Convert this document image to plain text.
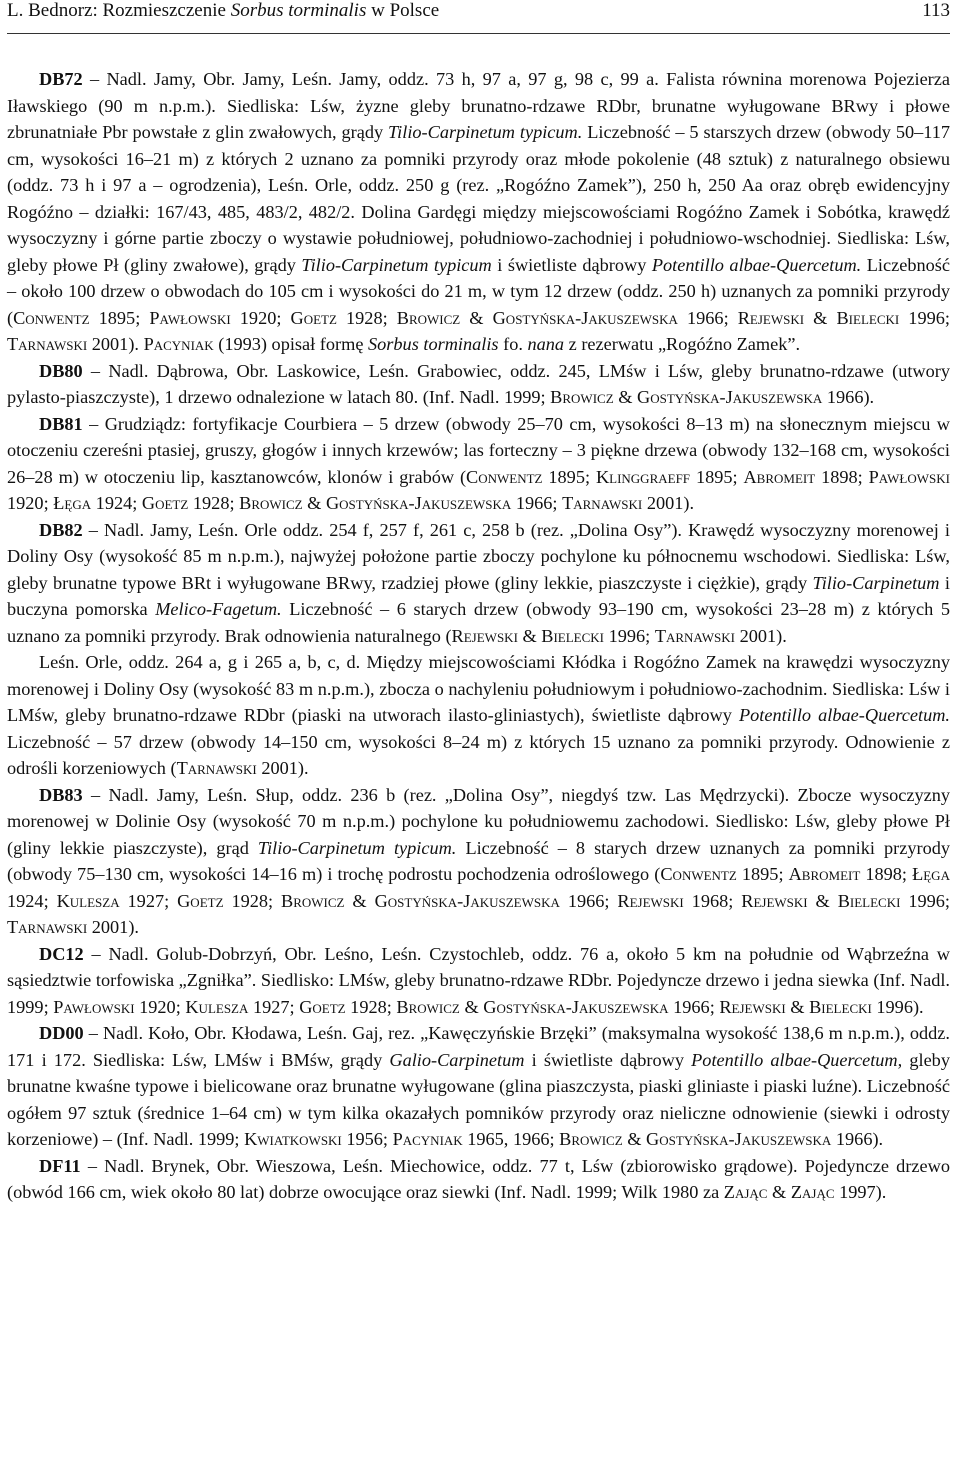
L. Bednorz: Rozmieszczenie Sorbus torminalis w Polsce	113

DB72 – Nadl. Jamy, Obr. Jamy, Leśn. Jamy, oddz. 73 h, 97 a, 97 g, 98 c, 99 a. Falista równina morenowa Pojezierza Iławskiego (90 m n.p.m.). Siedliska: Lśw, żyzne gleby brunatno-rdzawe RDbr, brunatne wyługowane BRwy i płowe zbrunatniałe Pbr powstałe z glin zwałowych, grądy Tilio-Carpinetum typicum. Liczebność – 5 starszych drzew (obwody 50–117 cm, wysokości 16–21 m) z których 2 uznano za pomniki przyrody oraz młode pokolenie (48 sztuk) z naturalnego obsiewu (oddz. 73 h i 97 a – ogrodzenia), Leśn. Orle, oddz. 250 g (rez. „Rogóźno Zamek”), 250 h, 250 Aa oraz obręb ewidencyjny Rogóźno – działki: 167/43, 485, 483/2, 482/2. Dolina Gardęgi między miejscowościami Rogóźno Zamek i Sobótka, krawędź wysoczyzny i górne partie zboczy o wystawie południowej, południowo-zachodniej i południowo-wschodniej. Siedliska: Lśw, gleby płowe Pł (gliny zwałowe), grądy Tilio-Carpinetum typicum i świetliste dąbrowy Potentillo albae-Quercetum. Liczebność – około 100 drzew o obwodach do 105 cm i wysokości do 21 m, w tym 12 drzew (oddz. 250 h) uznanych za pomniki przyrody (Conwentz 1895; Pawłowski 1920; Goetz 1928; Browicz & Gostyńska-Jakuszewska 1966; Rejewski & Bielecki 1996; Tarnawski 2001). Pacyniak (1993) opisał formę Sorbus torminalis fo. nana z rezerwatu „Rogóźno Zamek”.

DB80 – Nadl. Dąbrowa, Obr. Laskowice, Leśn. Grabowiec, oddz. 245, LMśw i Lśw, gleby brunatno-rdzawe (utwory pylasto-piaszczyste), 1 drzewo odnalezione w latach 80. (Inf. Nadl. 1999; Browicz & Gostyńska-Jakuszewska 1966).

DB81 – Grudziądz: fortyfikacje Courbiera – 5 drzew (obwody 25–70 cm, wysokości 8–13 m) na słonecznym miejscu w otoczeniu czereśni ptasiej, gruszy, głogów i innych krzewów; las forteczny – 3 piękne drzewa (obwody 132–168 cm, wysokości 26–28 m) w otoczeniu lip, kasztanowców, klonów i grabów (Conwentz 1895; Klinggraeff 1895; Abromeit 1898; Pawłowski 1920; Łęga 1924; Goetz 1928; Browicz & Gostyńska-Jakuszewska 1966; Tarnawski 2001).

DB82 – Nadl. Jamy, Leśn. Orle oddz. 254 f, 257 f, 261 c, 258 b (rez. „Dolina Osy”). Krawędź wysoczyzny morenowej i Doliny Osy (wysokość 85 m n.p.m.), najwyżej położone partie zboczy pochylone ku północnemu wschodowi. Siedliska: Lśw, gleby brunatne typowe BRt i wyługowane BRwy, rzadziej płowe (gliny lekkie, piaszczyste i ciężkie), grądy Tilio-Carpinetum i buczyna pomorska Melico-Fagetum. Liczebność – 6 starych drzew (obwody 93–190 cm, wysokości 23–28 m) z których 5 uznano za pomniki przyrody. Brak odnowienia naturalnego (Rejewski & Bielecki 1996; Tarnawski 2001).

Leśn. Orle, oddz. 264 a, g i 265 a, b, c, d. Między miejscowościami Kłódka i Rogóźno Zamek na krawędzi wysoczyzny morenowej i Doliny Osy (wysokość 83 m n.p.m.), zbocza o nachyleniu południowym i południowo-zachodnim. Siedliska: Lśw i LMśw, gleby brunatno-rdzawe RDbr (piaski na utworach ilasto-gliniastych), świetliste dąbrowy Potentillo albae-Quercetum. Liczebność – 57 drzew (obwody 14–150 cm, wysokości 8–24 m) z których 15 uznano za pomniki przyrody. Odnowienie z odrośli korzeniowych (Tarnawski 2001).

DB83 – Nadl. Jamy, Leśn. Słup, oddz. 236 b (rez. „Dolina Osy”, niegdyś tzw. Las Mędrzycki). Zbocze wysoczyzny morenowej w Dolinie Osy (wysokość 70 m n.p.m.) pochylone ku południowemu zachodowi. Siedlisko: Lśw, gleby płowe Pł (gliny lekkie piaszczyste), grąd Tilio-Carpinetum typicum. Liczebność – 8 starych drzew uznanych za pomniki przyrody (obwody 75–130 cm, wysokości 14–16 m) i trochę podrostu pochodzenia odroślowego (Conwentz 1895; Abromeit 1898; Łęga 1924; Kulesza 1927; Goetz 1928; Browicz & Gostyńska-Jakuszewska 1966; Rejewski 1968; Rejewski & Bielecki 1996; Tarnawski 2001).

DC12 – Nadl. Golub-Dobrzyń, Obr. Leśno, Leśn. Czystochleb, oddz. 76 a, około 5 km na południe od Wąbrzeźna w sąsiedztwie torfowiska „Zgniłka”. Siedlisko: LMśw, gleby brunatno-rdzawe RDbr. Pojedyncze drzewo i jedna siewka (Inf. Nadl. 1999; Pawłowski 1920; Kulesza 1927; Goetz 1928; Browicz & Gostyńska-Jakuszewska 1966; Rejewski & Bielecki 1996).

DD00 – Nadl. Koło, Obr. Kłodawa, Leśn. Gaj, rez. „Kawęczyńskie Brzęki” (maksymalna wysokość 138,6 m n.p.m.), oddz. 171 i 172. Siedliska: Lśw, LMśw i BMśw, grądy Galio-Carpinetum i świetliste dąbrowy Potentillo albae-Quercetum, gleby brunatne kwaśne typowe i bielicowane oraz brunatne wyługowane (glina piaszczysta, piaski gliniaste i piaski luźne). Liczebność ogółem 97 sztuk (średnice 1–64 cm) w tym kilka okazałych pomników przyrody oraz nieliczne odnowienie (siewki i odrosty korzeniowe) – (Inf. Nadl. 1999; Kwiatkowski 1956; Pacyniak 1965, 1966; Browicz & Gostyńska-Jakuszewska 1966).

DF11 – Nadl. Brynek, Obr. Wieszowa, Leśn. Miechowice, oddz. 77 t, Lśw (zbiorowisko grądowe). Pojedyncze drzewo (obwód 166 cm, wiek około 80 lat) dobrze owocujące oraz siewki (Inf. Nadl. 1999; Wilk 1980 za Zając & Zając 1997).
